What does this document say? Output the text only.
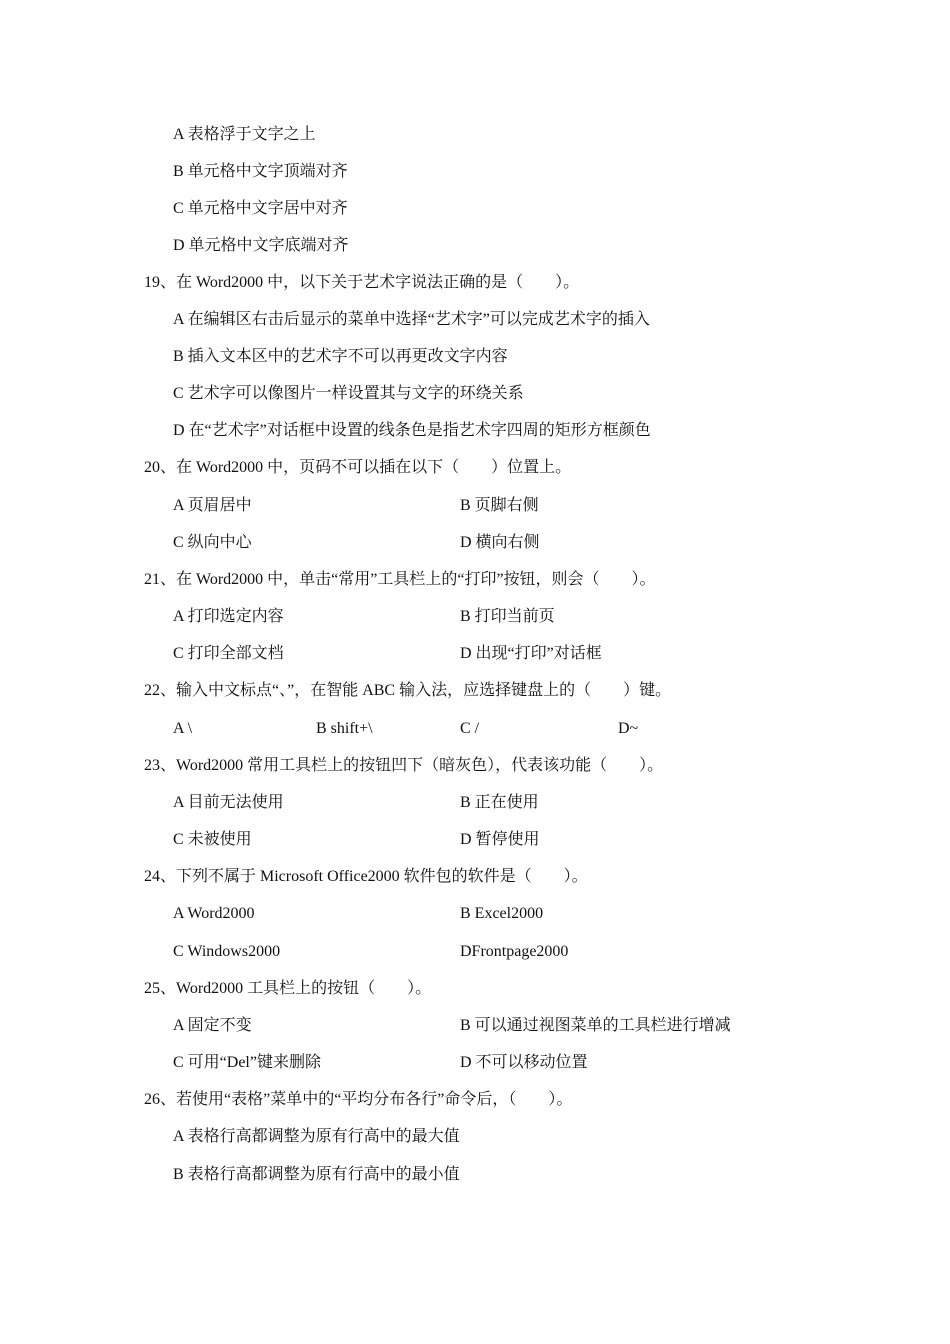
A 表格浮于文字之上
B 单元格中文字顶端对齐
C 单元格中文字居中对齐
D 单元格中文字底端对齐
19、在 Word2000 中，以下关于艺术字说法正确的是（　　）。
A 在编辑区右击后显示的菜单中选择“艺术字”可以完成艺术字的插入
B 插入文本区中的艺术字不可以再更改文字内容
C 艺术字可以像图片一样设置其与文字的环绕关系
D 在“艺术字”对话框中设置的线条色是指艺术字四周的矩形方框颜色
20、在 Word2000 中，页码不可以插在以下（　　）位置上。
A 页眉居中	B 页脚右侧
C 纵向中心	D 横向右侧
21、在 Word2000 中，单击“常用”工具栏上的“打印”按钮，则会（　　）。
A 打印选定内容	B 打印当前页
C 打印全部文档	D 出现“打印”对话框
22、输入中文标点“、”，在智能 ABC 输入法，应选择键盘上的（　　）键。
A \	B shift+\	C /	D~
23、Word2000 常用工具栏上的按钮凹下（暗灰色），代表该功能（　　）。
A 目前无法使用	B 正在使用
C 未被使用	D 暂停使用
24、下列不属于 Microsoft Office2000 软件包的软件是（　　）。
A Word2000	B Excel2000
C Windows2000	DFrontpage2000
25、Word2000 工具栏上的按钮（　　）。
A 固定不变	B 可以通过视图菜单的工具栏进行增减
C 可用“Del”键来删除	D 不可以移动位置
26、若使用“表格”菜单中的“平均分布各行”命令后，（　　）。
A 表格行高都调整为原有行高中的最大值
B 表格行高都调整为原有行高中的最小值
